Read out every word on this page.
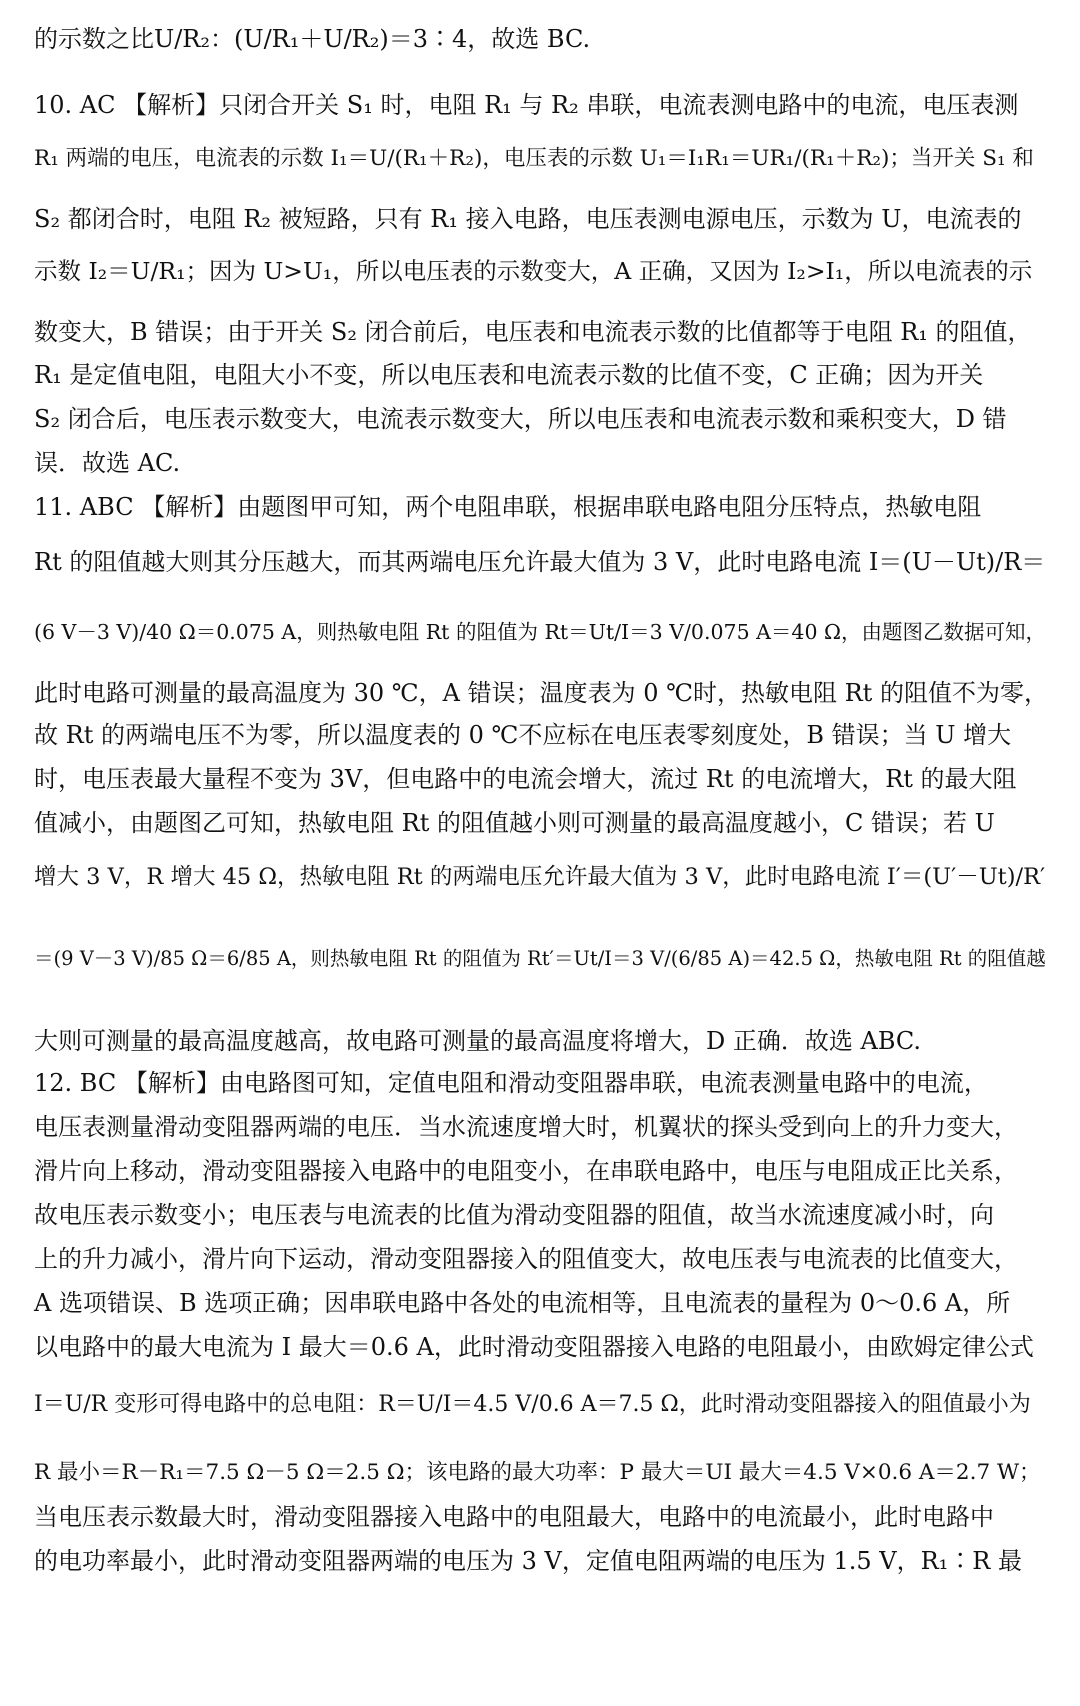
的示数之比U/R₂：(U/R₁＋U/R₂)＝3∶4，故选 BC.
10. AC 【解析】只闭合开关 S₁ 时，电阻 R₁ 与 R₂ 串联，电流表测电路中的电流，电压表测
R₁ 两端的电压，电流表的示数 I₁＝U/(R₁＋R₂)，电压表的示数 U₁＝I₁R₁＝UR₁/(R₁＋R₂)；当开关 S₁ 和
S₂ 都闭合时，电阻 R₂ 被短路，只有 R₁ 接入电路，电压表测电源电压，示数为 U，电流表的
示数 I₂＝U/R₁；因为 U>U₁，所以电压表的示数变大，A 正确，又因为 I₂>I₁，所以电流表的示
数变大，B 错误；由于开关 S₂ 闭合前后，电压表和电流表示数的比值都等于电阻 R₁ 的阻值，
R₁ 是定值电阻，电阻大小不变，所以电压表和电流表示数的比值不变，C 正确；因为开关
S₂ 闭合后，电压表示数变大，电流表示数变大，所以电压表和电流表示数和乘积变大，D 错
误．故选 AC.
11. ABC 【解析】由题图甲可知，两个电阻串联，根据串联电路电阻分压特点，热敏电阻
Rt 的阻值越大则其分压越大，而其两端电压允许最大值为 3 V，此时电路电流 I＝(U－Ut)/R＝
(6 V－3 V)/40 Ω＝0.075 A，则热敏电阻 Rt 的阻值为 Rt＝Ut/I＝3 V/0.075 A＝40 Ω，由题图乙数据可知，
此时电路可测量的最高温度为 30 ℃，A 错误；温度表为 0 ℃时，热敏电阻 Rt 的阻值不为零，
故 Rt 的两端电压不为零，所以温度表的 0 ℃不应标在电压表零刻度处，B 错误；当 U 增大
时，电压表最大量程不变为 3V，但电路中的电流会增大，流过 Rt 的电流增大，Rt 的最大阻
值减小，由题图乙可知，热敏电阻 Rt 的阻值越小则可测量的最高温度越小，C 错误；若 U
增大 3 V，R 增大 45 Ω，热敏电阻 Rt 的两端电压允许最大值为 3 V，此时电路电流 I′＝(U′－Ut)/R′
＝(9 V－3 V)/85 Ω＝6/85 A，则热敏电阻 Rt 的阻值为 Rt′＝Ut/I＝3 V/(6/85 A)＝42.5 Ω，热敏电阻 Rt 的阻值越
大则可测量的最高温度越高，故电路可测量的最高温度将增大，D 正确．故选 ABC.
12. BC 【解析】由电路图可知，定值电阻和滑动变阻器串联，电流表测量电路中的电流，
电压表测量滑动变阻器两端的电压．当水流速度增大时，机翼状的探头受到向上的升力变大，
滑片向上移动，滑动变阻器接入电路中的电阻变小，在串联电路中，电压与电阻成正比关系，
故电压表示数变小；电压表与电流表的比值为滑动变阻器的阻值，故当水流速度减小时，向
上的升力减小，滑片向下运动，滑动变阻器接入的阻值变大，故电压表与电流表的比值变大，
A 选项错误、B 选项正确；因串联电路中各处的电流相等，且电流表的量程为 0～0.6 A，所
以电路中的最大电流为 I 最大＝0.6 A，此时滑动变阻器接入电路的电阻最小，由欧姆定律公式
I＝U/R 变形可得电路中的总电阻：R＝U/I＝4.5 V/0.6 A＝7.5 Ω，此时滑动变阻器接入的阻值最小为
R 最小＝R－R₁＝7.5 Ω－5 Ω＝2.5 Ω；该电路的最大功率：P 最大＝UI 最大＝4.5 V×0.6 A＝2.7 W；
当电压表示数最大时，滑动变阻器接入电路中的电阻最大，电路中的电流最小，此时电路中
的电功率最小，此时滑动变阻器两端的电压为 3 V，定值电阻两端的电压为 1.5 V，R₁∶R 最
